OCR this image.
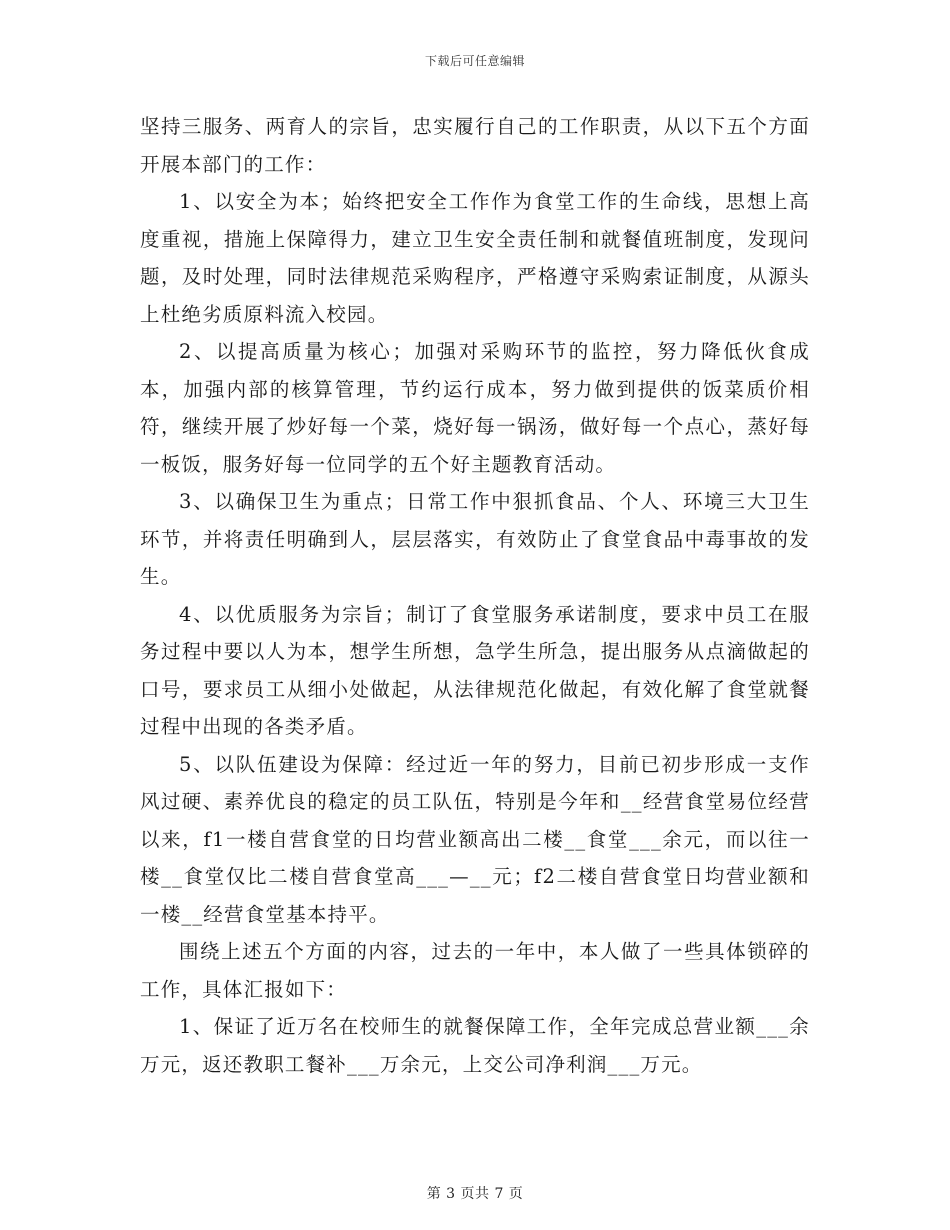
下载后可任意编辑

坚持三服务、两育人的宗旨，忠实履行自己的工作职责，从以下五个方面开展本部门的工作：

1、以安全为本；始终把安全工作作为食堂工作的生命线，思想上高度重视，措施上保障得力，建立卫生安全责任制和就餐值班制度，发现问题，及时处理，同时法律规范采购程序，严格遵守采购索证制度，从源头上杜绝劣质原料流入校园。

2、以提高质量为核心；加强对采购环节的监控，努力降低伙食成本，加强内部的核算管理，节约运行成本，努力做到提供的饭菜质价相符，继续开展了炒好每一个菜，烧好每一锅汤，做好每一个点心，蒸好每一板饭，服务好每一位同学的五个好主题教育活动。

3、以确保卫生为重点；日常工作中狠抓食品、个人、环境三大卫生环节，并将责任明确到人，层层落实，有效防止了食堂食品中毒事故的发生。

4、以优质服务为宗旨；制订了食堂服务承诺制度，要求中员工在服务过程中要以人为本，想学生所想，急学生所急，提出服务从点滴做起的口号，要求员工从细小处做起，从法律规范化做起，有效化解了食堂就餐过程中出现的各类矛盾。

5、以队伍建设为保障：经过近一年的努力，目前已初步形成一支作风过硬、素养优良的稳定的员工队伍，特别是今年和__经营食堂易位经营以来，f1一楼自营食堂的日均营业额高出二楼__食堂___余元，而以往一楼__食堂仅比二楼自营食堂高___—__元；f2二楼自营食堂日均营业额和一楼__经营食堂基本持平。

围绕上述五个方面的内容，过去的一年中，本人做了一些具体锁碎的工作，具体汇报如下：

1、保证了近万名在校师生的就餐保障工作，全年完成总营业额___余万元，返还教职工餐补___万余元，上交公司净利润___万元。

第 3 页共 7 页
